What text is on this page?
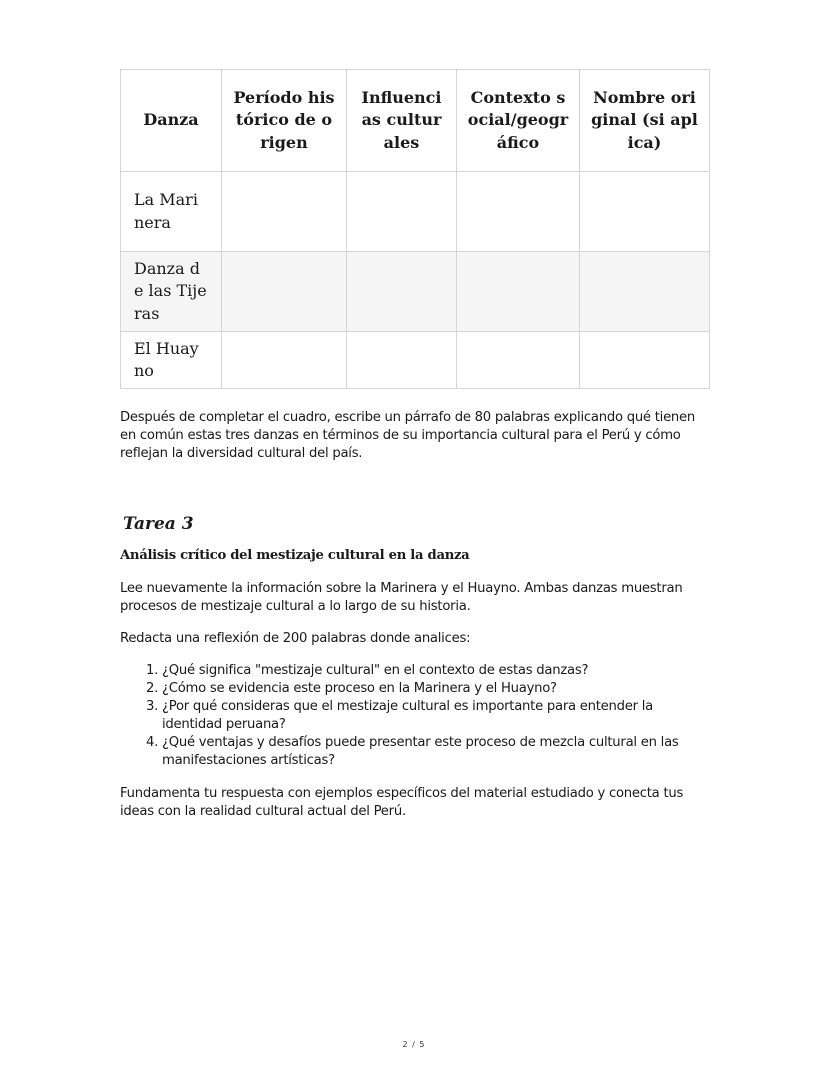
Danza	Período histórico de origen	Influencias culturales	Contexto social/geográfico	Nombre original (si aplica)
La Marinera				
Danza de las Tijeras				
El Huayno				

Después de completar el cuadro, escribe un párrafo de 80 palabras explicando qué tienen en común estas tres danzas en términos de su importancia cultural para el Perú y cómo reflejan la diversidad cultural del país.

Tarea 3
Análisis crítico del mestizaje cultural en la danza

Lee nuevamente la información sobre la Marinera y el Huayno. Ambas danzas muestran procesos de mestizaje cultural a lo largo de su historia.

Redacta una reflexión de 200 palabras donde analices:

1. ¿Qué significa "mestizaje cultural" en el contexto de estas danzas?
2. ¿Cómo se evidencia este proceso en la Marinera y el Huayno?
3. ¿Por qué consideras que el mestizaje cultural es importante para entender la identidad peruana?
4. ¿Qué ventajas y desafíos puede presentar este proceso de mezcla cultural en las manifestaciones artísticas?

Fundamenta tu respuesta con ejemplos específicos del material estudiado y conecta tus ideas con la realidad cultural actual del Perú.

2 / 5
